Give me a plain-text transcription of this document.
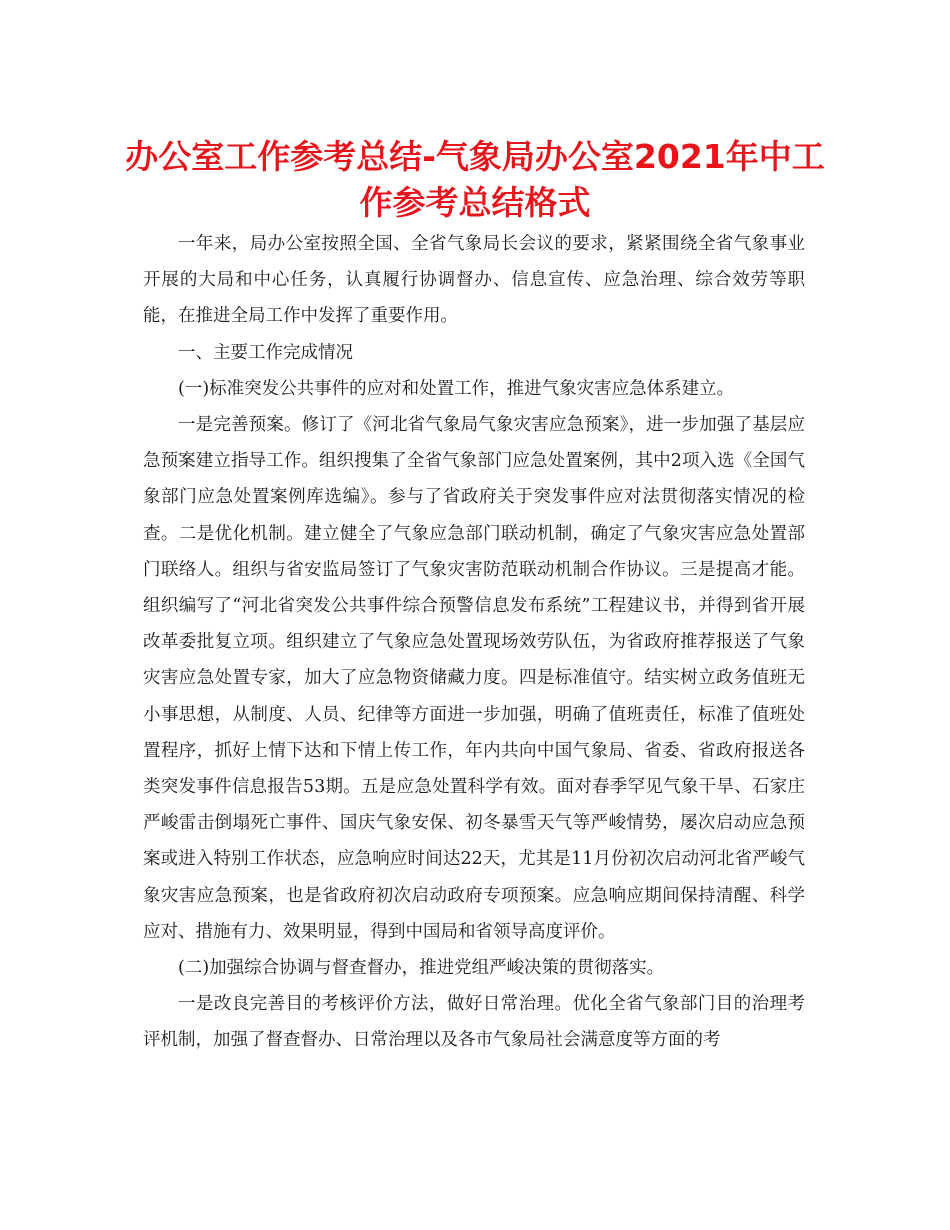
办公室工作参考总结-气象局办公室2021年中工作参考总结格式

一年来，局办公室按照全国、全省气象局长会议的要求，紧紧围绕全省气象事业开展的大局和中心任务，认真履行协调督办、信息宣传、应急治理、综合效劳等职能，在推进全局工作中发挥了重要作用。

一、主要工作完成情况

(一)标准突发公共事件的应对和处置工作，推进气象灾害应急体系建立。

一是完善预案。修订了《河北省气象局气象灾害应急预案》，进一步加强了基层应急预案建立指导工作。组织搜集了全省气象部门应急处置案例，其中2项入选《全国气象部门应急处置案例库选编》。参与了省政府关于突发事件应对法贯彻落实情况的检查。二是优化机制。建立健全了气象应急部门联动机制，确定了气象灾害应急处置部门联络人。组织与省安监局签订了气象灾害防范联动机制合作协议。三是提高才能。组织编写了“河北省突发公共事件综合预警信息发布系统”工程建议书，并得到省开展改革委批复立项。组织建立了气象应急处置现场效劳队伍，为省政府推荐报送了气象灾害应急处置专家，加大了应急物资储藏力度。四是标准值守。结实树立政务值班无小事思想，从制度、人员、纪律等方面进一步加强，明确了值班责任，标准了值班处置程序，抓好上情下达和下情上传工作，年内共向中国气象局、省委、省政府报送各类突发事件信息报告53期。五是应急处置科学有效。面对春季罕见气象干旱、石家庄严峻雷击倒塌死亡事件、国庆气象安保、初冬暴雪天气等严峻情势，屡次启动应急预案或进入特别工作状态，应急响应时间达22天，尤其是11月份初次启动河北省严峻气象灾害应急预案，也是省政府初次启动政府专项预案。应急响应期间保持清醒、科学应对、措施有力、效果明显，得到中国局和省领导高度评价。

(二)加强综合协调与督查督办，推进党组严峻决策的贯彻落实。

一是改良完善目的考核评价方法，做好日常治理。优化全省气象部门目的治理考评机制，加强了督查督办、日常治理以及各市气象局社会满意度等方面的考
